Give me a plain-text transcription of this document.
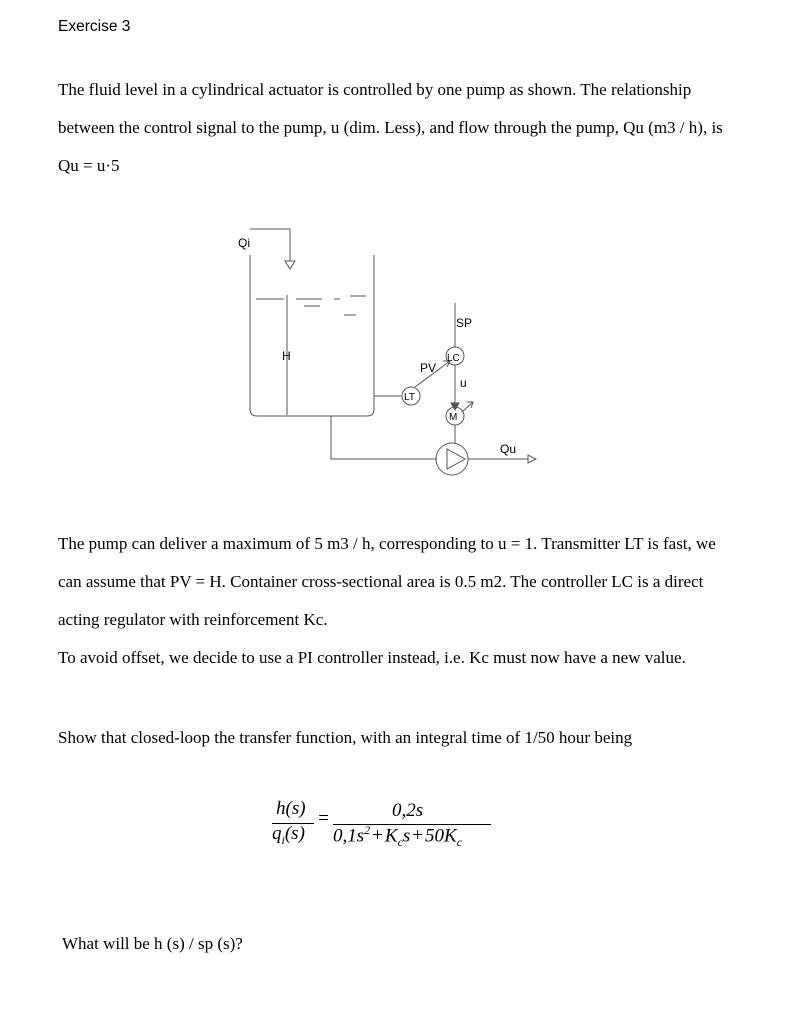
Exercise 3
The fluid level in a cylindrical actuator is controlled by one pump as shown. The relationship
between the control signal to the pump, u (dim. Less), and flow through the pump, Qu (m3 / h), is
Qu = u·5
Qi
H
SP
LC
PV
u
LT
M
Qu
The pump can deliver a maximum of 5 m3 / h, corresponding to u = 1. Transmitter LT is fast, we
can assume that PV = H. Container cross-sectional area is 0.5 m2. The controller LC is a direct
acting regulator with reinforcement Kc.
To avoid offset, we decide to use a PI controller instead, i.e. Kc must now have a new value.
Show that closed-loop the transfer function, with an integral time of 1/50 hour being
h(s)
$q_i(s)$
=	0,2s
$0,1s^2 + K_cs + 50K_c$
What will be h (s) / sp (s)?
